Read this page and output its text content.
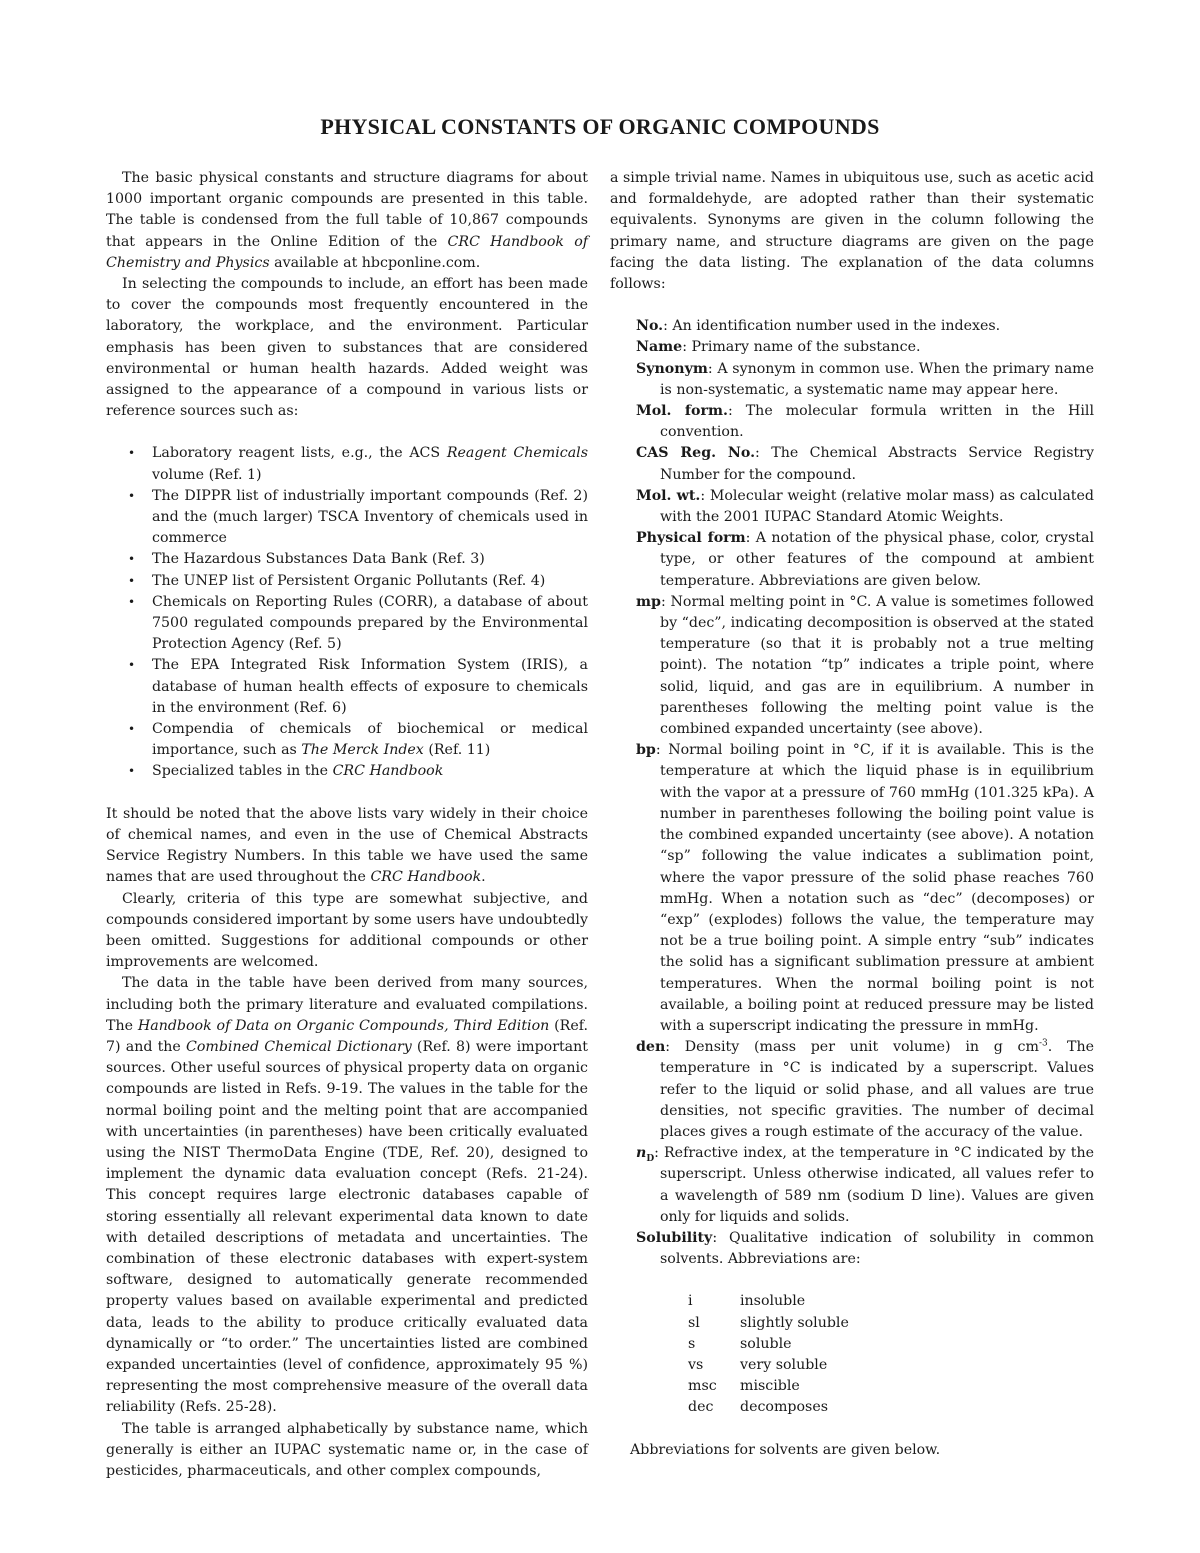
PHYSICAL CONSTANTS OF ORGANIC COMPOUNDS

The basic physical constants and structure diagrams for about 1000 important organic compounds are presented in this table. The table is condensed from the full table of 10,867 compounds that appears in the Online Edition of the CRC Handbook of Chemistry and Physics available at hbcponline.com.

In selecting the compounds to include, an effort has been made to cover the compounds most frequently encountered in the laboratory, the workplace, and the environment. Particular emphasis has been given to substances that are considered environmental or human health hazards. Added weight was assigned to the appearance of a compound in various lists or reference sources such as:

• Laboratory reagent lists, e.g., the ACS Reagent Chemicals volume (Ref. 1)
• The DIPPR list of industrially important compounds (Ref. 2) and the (much larger) TSCA Inventory of chemicals used in commerce
• The Hazardous Substances Data Bank (Ref. 3)
• The UNEP list of Persistent Organic Pollutants (Ref. 4)
• Chemicals on Reporting Rules (CORR), a database of about 7500 regulated compounds prepared by the Environmental Protection Agency (Ref. 5)
• The EPA Integrated Risk Information System (IRIS), a database of human health effects of exposure to chemicals in the environment (Ref. 6)
• Compendia of chemicals of biochemical or medical importance, such as The Merck Index (Ref. 11)
• Specialized tables in the CRC Handbook

It should be noted that the above lists vary widely in their choice of chemical names, and even in the use of Chemical Abstracts Service Registry Numbers. In this table we have used the same names that are used throughout the CRC Handbook.

Clearly, criteria of this type are somewhat subjective, and compounds considered important by some users have undoubtedly been omitted. Suggestions for additional compounds or other improvements are welcomed.

The data in the table have been derived from many sources, including both the primary literature and evaluated compilations. The Handbook of Data on Organic Compounds, Third Edition (Ref. 7) and the Combined Chemical Dictionary (Ref. 8) were important sources. Other useful sources of physical property data on organic compounds are listed in Refs. 9-19. The values in the table for the normal boiling point and the melting point that are accompanied with uncertainties (in parentheses) have been critically evaluated using the NIST ThermoData Engine (TDE, Ref. 20), designed to implement the dynamic data evaluation concept (Refs. 21-24). This concept requires large electronic databases capable of storing essentially all relevant experimental data known to date with detailed descriptions of metadata and uncertainties. The combination of these electronic databases with expert-system software, designed to automatically generate recommended property values based on available experimental and predicted data, leads to the ability to produce critically evaluated data dynamically or “to order.” The uncertainties listed are combined expanded uncertainties (level of confidence, approximately 95 %) representing the most comprehensive measure of the overall data reliability (Refs. 25-28).

The table is arranged alphabetically by substance name, which generally is either an IUPAC systematic name or, in the case of pesticides, pharmaceuticals, and other complex compounds,

a simple trivial name. Names in ubiquitous use, such as acetic acid and formaldehyde, are adopted rather than their systematic equivalents. Synonyms are given in the column following the primary name, and structure diagrams are given on the page facing the data listing. The explanation of the data columns follows:

No.: An identification number used in the indexes.

Name: Primary name of the substance.

Synonym: A synonym in common use. When the primary name is non-systematic, a systematic name may appear here.

Mol. form.: The molecular formula written in the Hill convention.

CAS Reg. No.: The Chemical Abstracts Service Registry Number for the compound.

Mol. wt.: Molecular weight (relative molar mass) as calculated with the 2001 IUPAC Standard Atomic Weights.

Physical form: A notation of the physical phase, color, crystal type, or other features of the compound at ambient temperature. Abbreviations are given below.

mp: Normal melting point in °C. A value is sometimes followed by “dec”, indicating decomposition is observed at the stated temperature (so that it is probably not a true melting point). The notation “tp” indicates a triple point, where solid, liquid, and gas are in equilibrium. A number in parentheses following the melting point value is the combined expanded uncertainty (see above).

bp: Normal boiling point in °C, if it is available. This is the temperature at which the liquid phase is in equilibrium with the vapor at a pressure of 760 mmHg (101.325 kPa). A number in parentheses following the boiling point value is the combined expanded uncertainty (see above). A notation “sp” following the value indicates a sublimation point, where the vapor pressure of the solid phase reaches 760 mmHg. When a notation such as “dec” (decomposes) or “exp” (explodes) follows the value, the temperature may not be a true boiling point. A simple entry “sub” indicates the solid has a significant sublimation pressure at ambient temperatures. When the normal boiling point is not available, a boiling point at reduced pressure may be listed with a superscript indicating the pressure in mmHg.

den: Density (mass per unit volume) in g $cm^{-3}$. The temperature in °C is indicated by a superscript. Values refer to the liquid or solid phase, and all values are true densities, not specific gravities. The number of decimal places gives a rough estimate of the accuracy of the value.

$n_D$: Refractive index, at the temperature in °C indicated by the superscript. Unless otherwise indicated, all values refer to a wavelength of 589 nm (sodium D line). Values are given only for liquids and solids.

Solubility: Qualitative indication of solubility in common solvents. Abbreviations are:

i	insoluble
sl	slightly soluble
s	soluble
vs	very soluble
msc	miscible
dec	decomposes

Abbreviations for solvents are given below.
